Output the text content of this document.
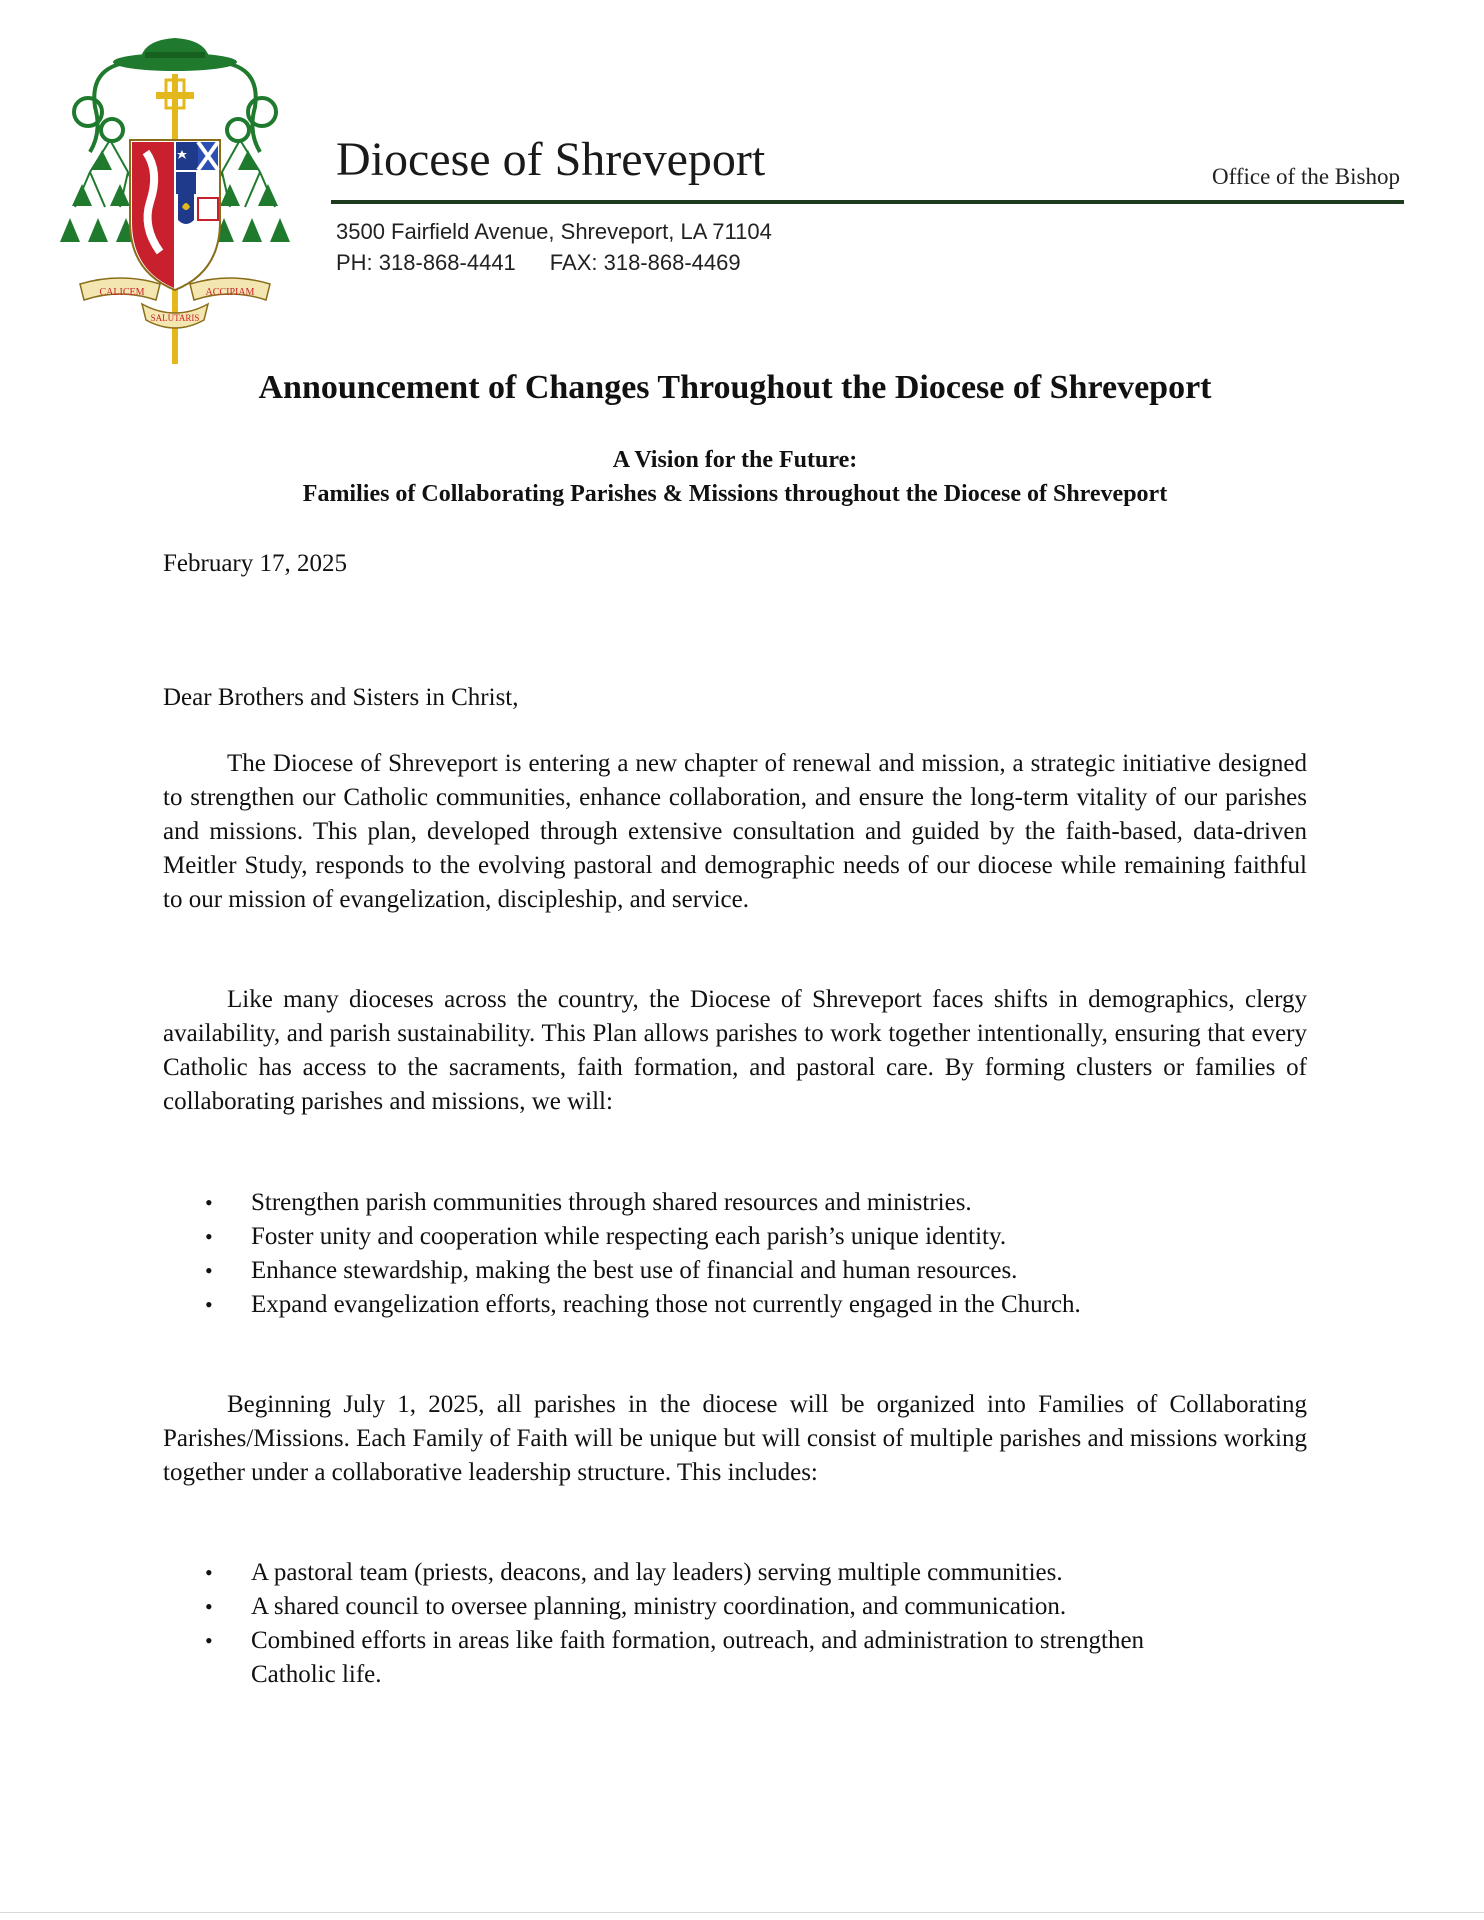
CALICEM	ACCIPIAM
SALUTARIS
Diocese of Shreveport	Office of the Bishop
3500 Fairfield Avenue, Shreveport, LA 71104
PH: 318-868-4441 FAX: 318-868-4469
Announcement of Changes Throughout the Diocese of Shreveport
A Vision for the Future:
Families of Collaborating Parishes & Missions throughout the Diocese of Shreveport
February 17, 2025
Dear Brothers and Sisters in Christ,

The Diocese of Shreveport is entering a new chapter of renewal and mission, a strategic initiative designed to strengthen our Catholic communities, enhance collaboration, and ensure the long-term vitality of our parishes and missions. This plan, developed through extensive consultation and guided by the faith-based, data-driven Meitler Study, responds to the evolving pastoral and demographic needs of our diocese while remaining faithful to our mission of evangelization, discipleship, and service.

Like many dioceses across the country, the Diocese of Shreveport faces shifts in demographics, clergy availability, and parish sustainability. This Plan allows parishes to work together intentionally, ensuring that every Catholic has access to the sacraments, faith formation, and pastoral care. By forming clusters or families of collaborating parishes and missions, we will:

• Strengthen parish communities through shared resources and ministries.
• Foster unity and cooperation while respecting each parish’s unique identity.
• Enhance stewardship, making the best use of financial and human resources.
• Expand evangelization efforts, reaching those not currently engaged in the Church.

Beginning July 1, 2025, all parishes in the diocese will be organized into Families of Collaborating Parishes/Missions. Each Family of Faith will be unique but will consist of multiple parishes and missions working together under a collaborative leadership structure. This includes:

• A pastoral team (priests, deacons, and lay leaders) serving multiple communities.
• A shared council to oversee planning, ministry coordination, and communication.
• Combined efforts in areas like faith formation, outreach, and administration to strengthen Catholic life.
